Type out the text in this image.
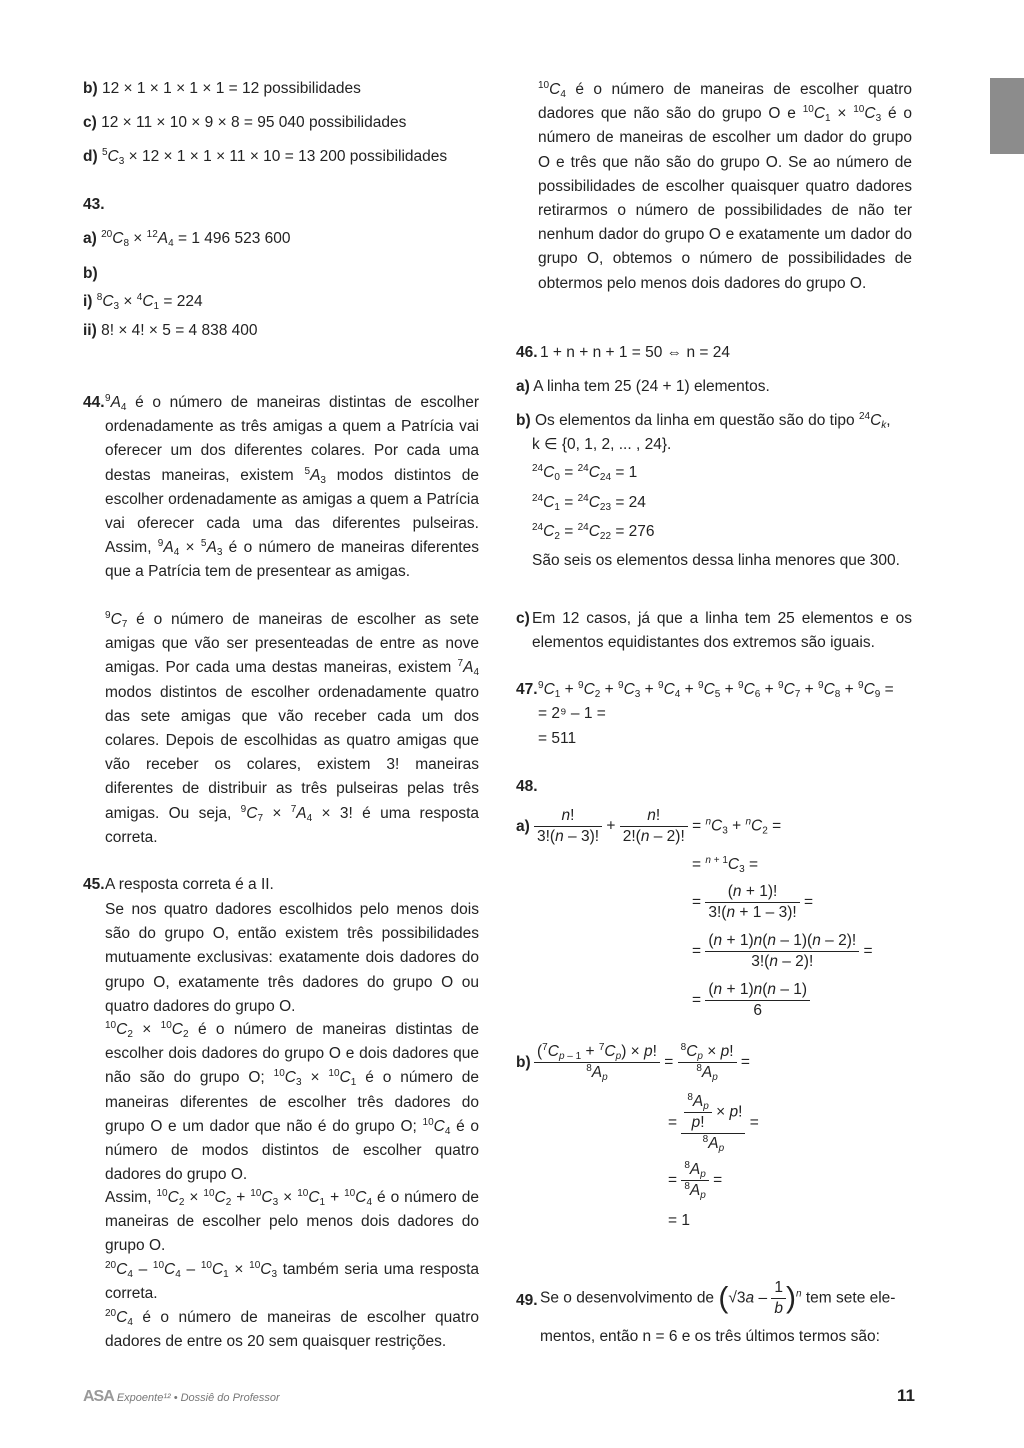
b) 12 × 1 × 1 × 1 × 1 = 12 possibilidades
c) 12 × 11 × 10 × 9 × 8 = 95 040 possibilidades
d) $^5C_3 \times 12 \times 1 \times 1 \times 11 \times 10 = 13$ 200 possibilidades
43.
a) $^{20}C_8 \times ^{12}A_4 = 1$ 496 523 600
b)
i) $^8C_3 \times ^4C_1 = 224$
ii) 8! × 4! × 5 = 4 838 400
44. $^9A_4$ é o número de maneiras distintas de escolher ordenadamente as três amigas a quem a Patrícia vai oferecer um dos diferentes colares. Por cada uma destas maneiras, existem $^5A_3$ modos distintos de escolher ordenadamente as amigas a quem a Patrícia vai oferecer cada uma das diferentes pulseiras. Assim, $^9A_4 \times ^5A_3$ é o número de maneiras diferentes que a Patrícia tem de presentear as amigas.
$^9C_7$ é o número de maneiras de escolher as sete amigas que vão ser presenteadas de entre as nove amigas. Por cada uma destas maneiras, existem $^7A_4$ modos distintos de escolher ordenadamente quatro das sete amigas que vão receber cada um dos colares. Depois de escolhidas as quatro amigas que vão receber os colares, existem 3! maneiras diferentes de distribuir as três pulseiras pelas três amigas. Ou seja, $^9C_7 \times ^7A_4 \times 3$! é uma resposta correta.
45. A resposta correta é a II.
Se nos quatro dadores escolhidos pelo menos dois são do grupo O, então existem três possibilidades mutuamente exclusivas: exatamente dois dadores do grupo O, exatamente três dadores do grupo O ou quatro dadores do grupo O.
$^{10}C_2 \times ^{10}C_2$ é o número de maneiras distintas de escolher dois dadores do grupo O e dois dadores que não são do grupo O; $^{10}C_3 \times ^{10}C_1$ é o número de maneiras diferentes de escolher três dadores do grupo O e um dador que não é do grupo O; $^{10}C_4$ é o número de modos distintos de escolher quatro dadores do grupo O.
Assim, $^{10}C_2 \times ^{10}C_2 + ^{10}C_3 \times ^{10}C_1 + ^{10}C_4$ é o número de maneiras de escolher pelo menos dois dadores do grupo O.
$^{20}C_4 - ^{10}C_4 - ^{10}C_1 \times ^{10}C_3$ também seria uma resposta correta.
$^{20}C_4$ é o número de maneiras de escolher quatro dadores de entre os 20 sem quaisquer restrições.
$^{10}C_4$ é o número de maneiras de escolher quatro dadores que não são do grupo O e $^{10}C_1 \times ^{10}C_3$ é o número de maneiras de escolher um dador do grupo O e três que não são do grupo O. Se ao número de possibilidades de escolher quaisquer quatro dadores retirarmos o número de possibilidades de não ter nenhum dador do grupo O e exatamente um dador do grupo O, obtemos o número de possibilidades de obtermos pelo menos dois dadores do grupo O.
46. 1 + n + n + 1 = 50 ⇔ n = 24
a) A linha tem 25 (24 + 1) elementos.
b) Os elementos da linha em questão são do tipo $^{24}C_k$,
k ∈ {0, 1, 2, ... , 24}.
$^{24}C_0 = ^{24}C_{24} = 1$
$^{24}C_1 = ^{24}C_{23} = 24$
$^{24}C_2 = ^{24}C_{22} = 276$
São seis os elementos dessa linha menores que 300.
c) Em 12 casos, já que a linha tem 25 elementos e os elementos equidistantes dos extremos são iguais.
47. $^9C_1 + ^9C_2 + ^9C_3 + ^9C_4 + ^9C_5 + ^9C_6 + ^9C_7 + ^9C_8 + ^9C_9$ =
= 2⁹ – 1 =
= 511
48.
$a) \frac{n!}{3!(n - 3)!} + \frac{n!}{2!(n - 2)!} = ^nC_3 + ^nC_2$ =
= $^{n + 1}C_3$ =
= $\frac{(n + 1)!}{3!(n + 1 - 3)!}$ =
= $\frac{(n + 1)n(n - 1)(n - 2)!}{3!(n - 2)!}$ =
= $\frac{(n + 1)n(n - 1)}{6}$
$b) \frac{(^7C_{p - 1} + ^7C_p) \times p!}{^8A_p} = \frac{^8C_p \times p!}{^8A_p}$ =
= $\frac{\frac{^8A_p}{p!} \times p!}{^8A_p}$ =
= $\frac{^8A_p}{^8A_p}$ =
= 1
49. Se o desenvolvimento de $(√3a - \frac{1}{b} )^n$ tem sete ele-
mentos, então n = 6 e os três últimos termos são:
ASA Expoente¹² • Dossiê do Professor	11
